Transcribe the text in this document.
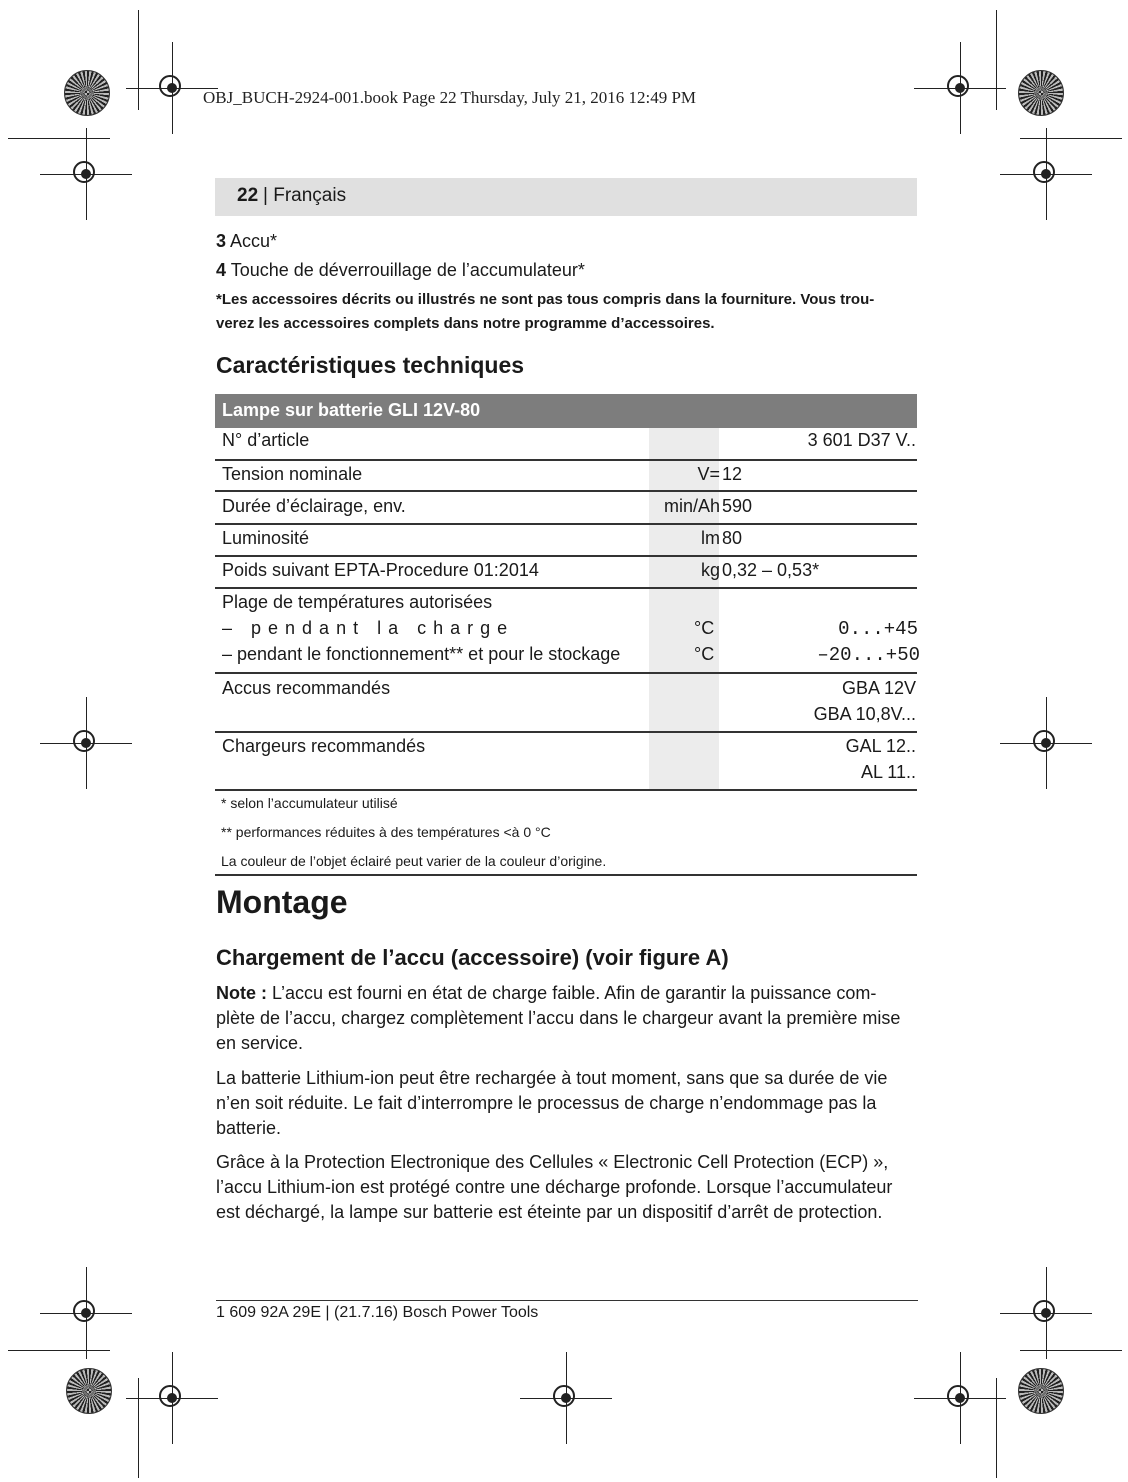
OBJ_BUCH-2924-001.book Page 22 Thursday, July 21, 2016 12:49 PM
22 | Français
3 Accu*
4 Touche de déverrouillage de l’accumulateur*
*Les accessoires décrits ou illustrés ne sont pas tous compris dans la fourniture. Vous trou-
verez les accessoires complets dans notre programme d’accessoires.
Caractéristiques techniques
Lampe sur batterie GLI 12V-80
N° d’article	3 601 D37 V..
Tension nominale	V= 12
Durée d’éclairage, env.	min/Ah 590
Luminosité	lm 80
Poids suivant EPTA-Procedure 01:2014	kg 0,32 – 0,53*
Plage de températures autorisées
– pendant la charge	°C	0...+45
– pendant le fonctionnement** et pour le stockage	°C	–20...+50
Accus recommandés	GBA 12V
GBA 10,8V...
Chargeurs recommandés	GAL 12..
AL 11..
* selon l’accumulateur utilisé
** performances réduites à des températures <à 0 °C
La couleur de l’objet éclairé peut varier de la couleur d’origine.
Montage
Chargement de l’accu (accessoire) (voir figure A)
Note : L’accu est fourni en état de charge faible. Afin de garantir la puissance com-
plète de l’accu, chargez complètement l’accu dans le chargeur avant la première mise
en service.
La batterie Lithium-ion peut être rechargée à tout moment, sans que sa durée de vie
n’en soit réduite. Le fait d’interrompre le processus de charge n’endommage pas la
batterie.
Grâce à la Protection Electronique des Cellules « Electronic Cell Protection (ECP) »,
l’accu Lithium-ion est protégé contre une décharge profonde. Lorsque l’accumulateur
est déchargé, la lampe sur batterie est éteinte par un dispositif d’arrêt de protection.
1 609 92A 29E | (21.7.16) Bosch Power Tools
